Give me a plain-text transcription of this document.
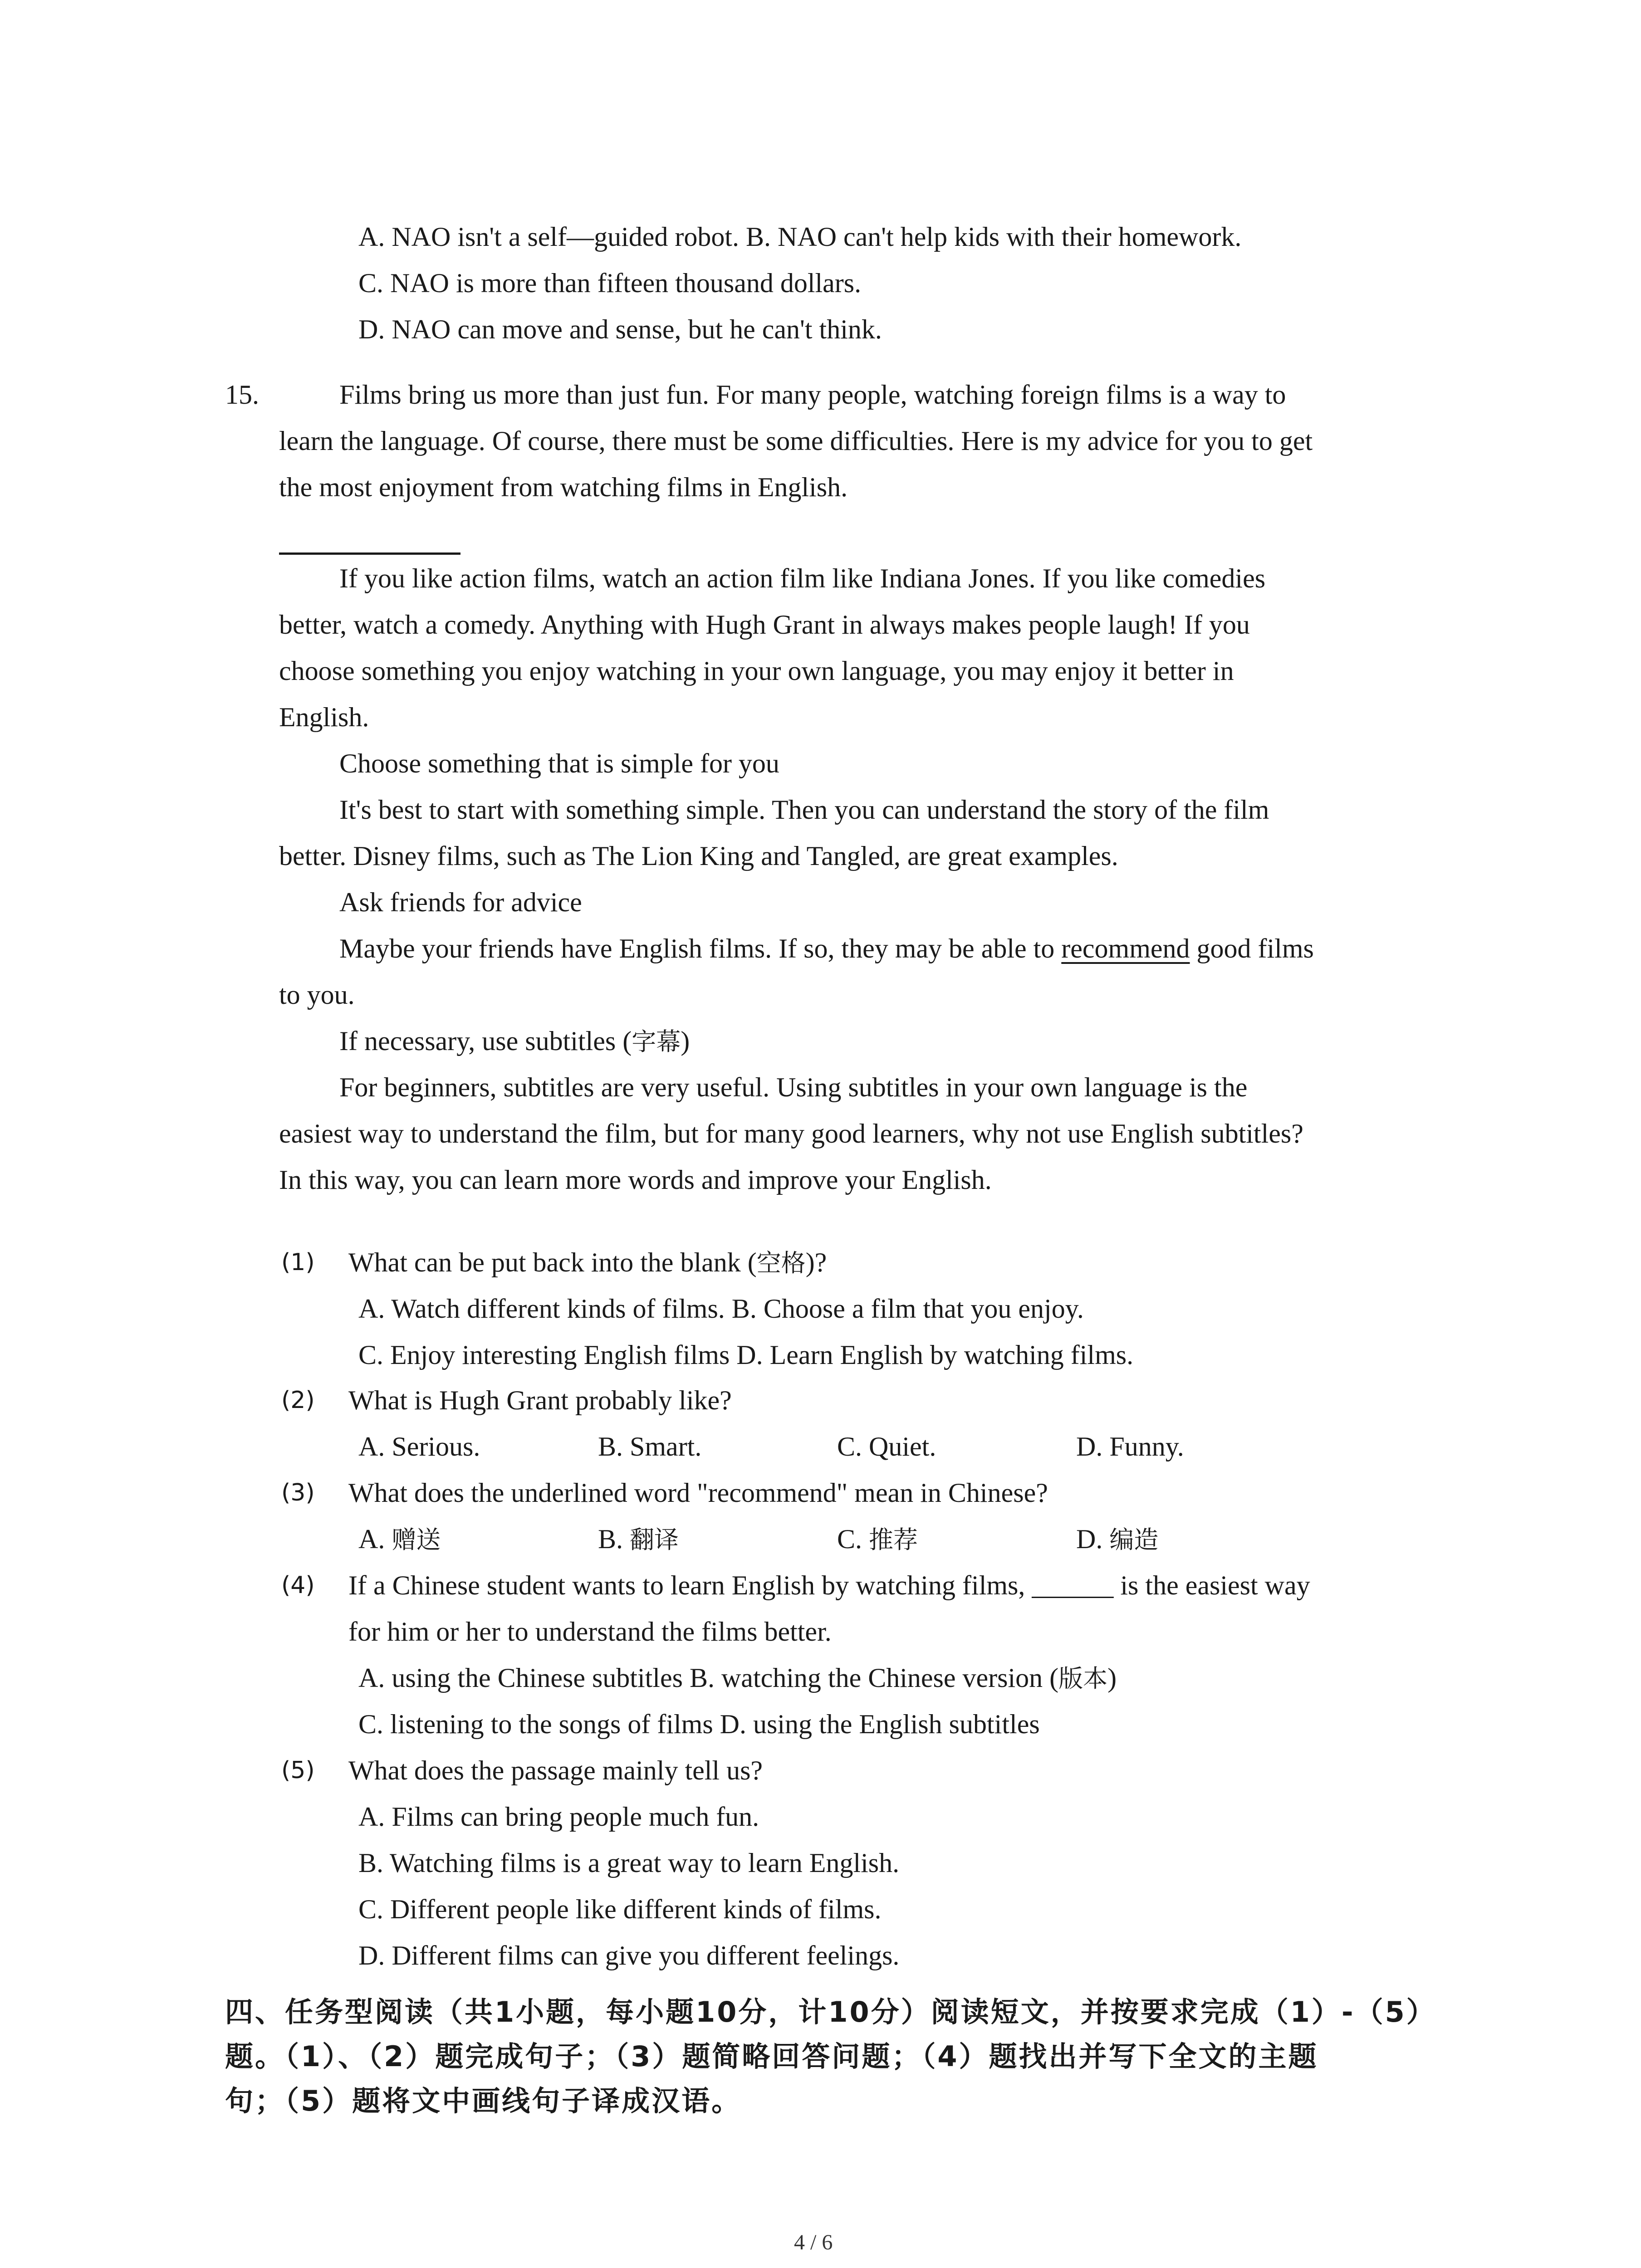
A. NAO isn't a self—guided robot. B. NAO can't help kids with their homework.
C. NAO is more than fifteen thousand dollars.
D. NAO can move and sense, but he can't think.
15.	Films bring us more than just fun. For many people, watching foreign films is a way to
learn the language. Of course, there must be some difficulties. Here is my advice for you to get
the most enjoyment from watching films in English.
If you like action films, watch an action film like Indiana Jones. If you like comedies
better, watch a comedy. Anything with Hugh Grant in always makes people laugh! If you
choose something you enjoy watching in your own language, you may enjoy it better in
English.
Choose something that is simple for you
It's best to start with something simple. Then you can understand the story of the film
better. Disney films, such as The Lion King and Tangled, are great examples.
Ask friends for advice
Maybe your friends have English films. If so, they may be able to recommend good films
to you.
If necessary, use subtitles (字幕)
For beginners, subtitles are very useful. Using subtitles in your own language is the
easiest way to understand the film, but for many good learners, why not use English subtitles?
In this way, you can learn more words and improve your English.
(1) What can be put back into the blank (空格)?
A. Watch different kinds of films. B. Choose a film that you enjoy.
C. Enjoy interesting English films D. Learn English by watching films.
(2) What is Hugh Grant probably like?
A. Serious.	B. Smart.	C. Quiet.	D. Funny.
(3) What does the underlined word "recommend" mean in Chinese?
A. 赠送	B. 翻译	C. 推荐	D. 编造
(4) If a Chinese student wants to learn English by watching films, ______ is the easiest way
for him or her to understand the films better.
A. using the Chinese subtitles B. watching the Chinese version (版本)
C. listening to the songs of films D. using the English subtitles
(5) What does the passage mainly tell us?
A. Films can bring people much fun.
B. Watching films is a great way to learn English.
C. Different people like different kinds of films.
D. Different films can give you different feelings.
四、任务型阅读（共1小题，每小题10分，计10分）阅读短文，并按要求完成（1）-（5）
题。（1）、（2）题完成句子；（3）题简略回答问题；（4）题找出并写下全文的主题
句；（5）题将文中画线句子译成汉语。
4 / 6
